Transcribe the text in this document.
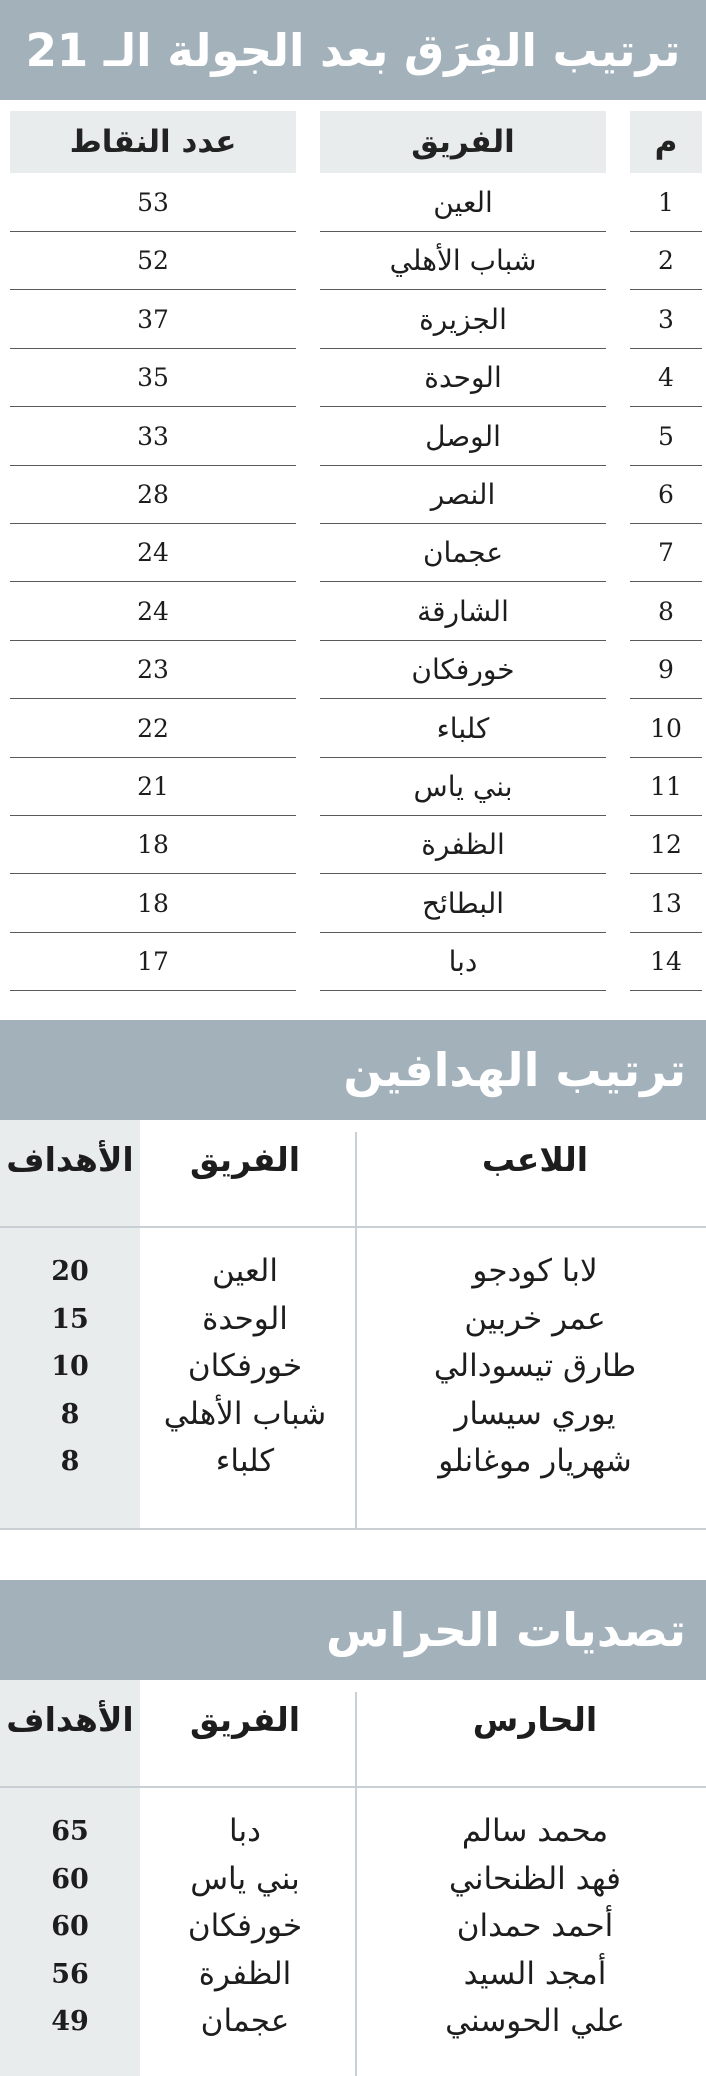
ترتيب الفِرَق بعد الجولة الـ 21
م
الفريق
عدد النقاط
1
العين
53
2
شباب الأهلي
52
3
الجزيرة
37
4
الوحدة
35
5
الوصل
33
6
النصر
28
7
عجمان
24
8
الشارقة
24
9
خورفكان
23
10
كلباء
22
11
بني ياس
21
12
الظفرة
18
13
البطائح
18
14
دبا
17
ترتيب الهدافين
اللاعب
الفريق
الأهداف
لابا كودجو
العين
20
عمر خربين
الوحدة
15
طارق تيسودالي
خورفكان
10
يوري سيسار
شباب الأهلي
8
شهريار موغانلو
كلباء
8
تصديات الحراس
الحارس
الفريق
الأهداف
محمد سالم
دبا
65
فهد الظنحاني
بني ياس
60
أحمد حمدان
خورفكان
60
أمجد السيد
الظفرة
56
علي الحوسني
عجمان
49
